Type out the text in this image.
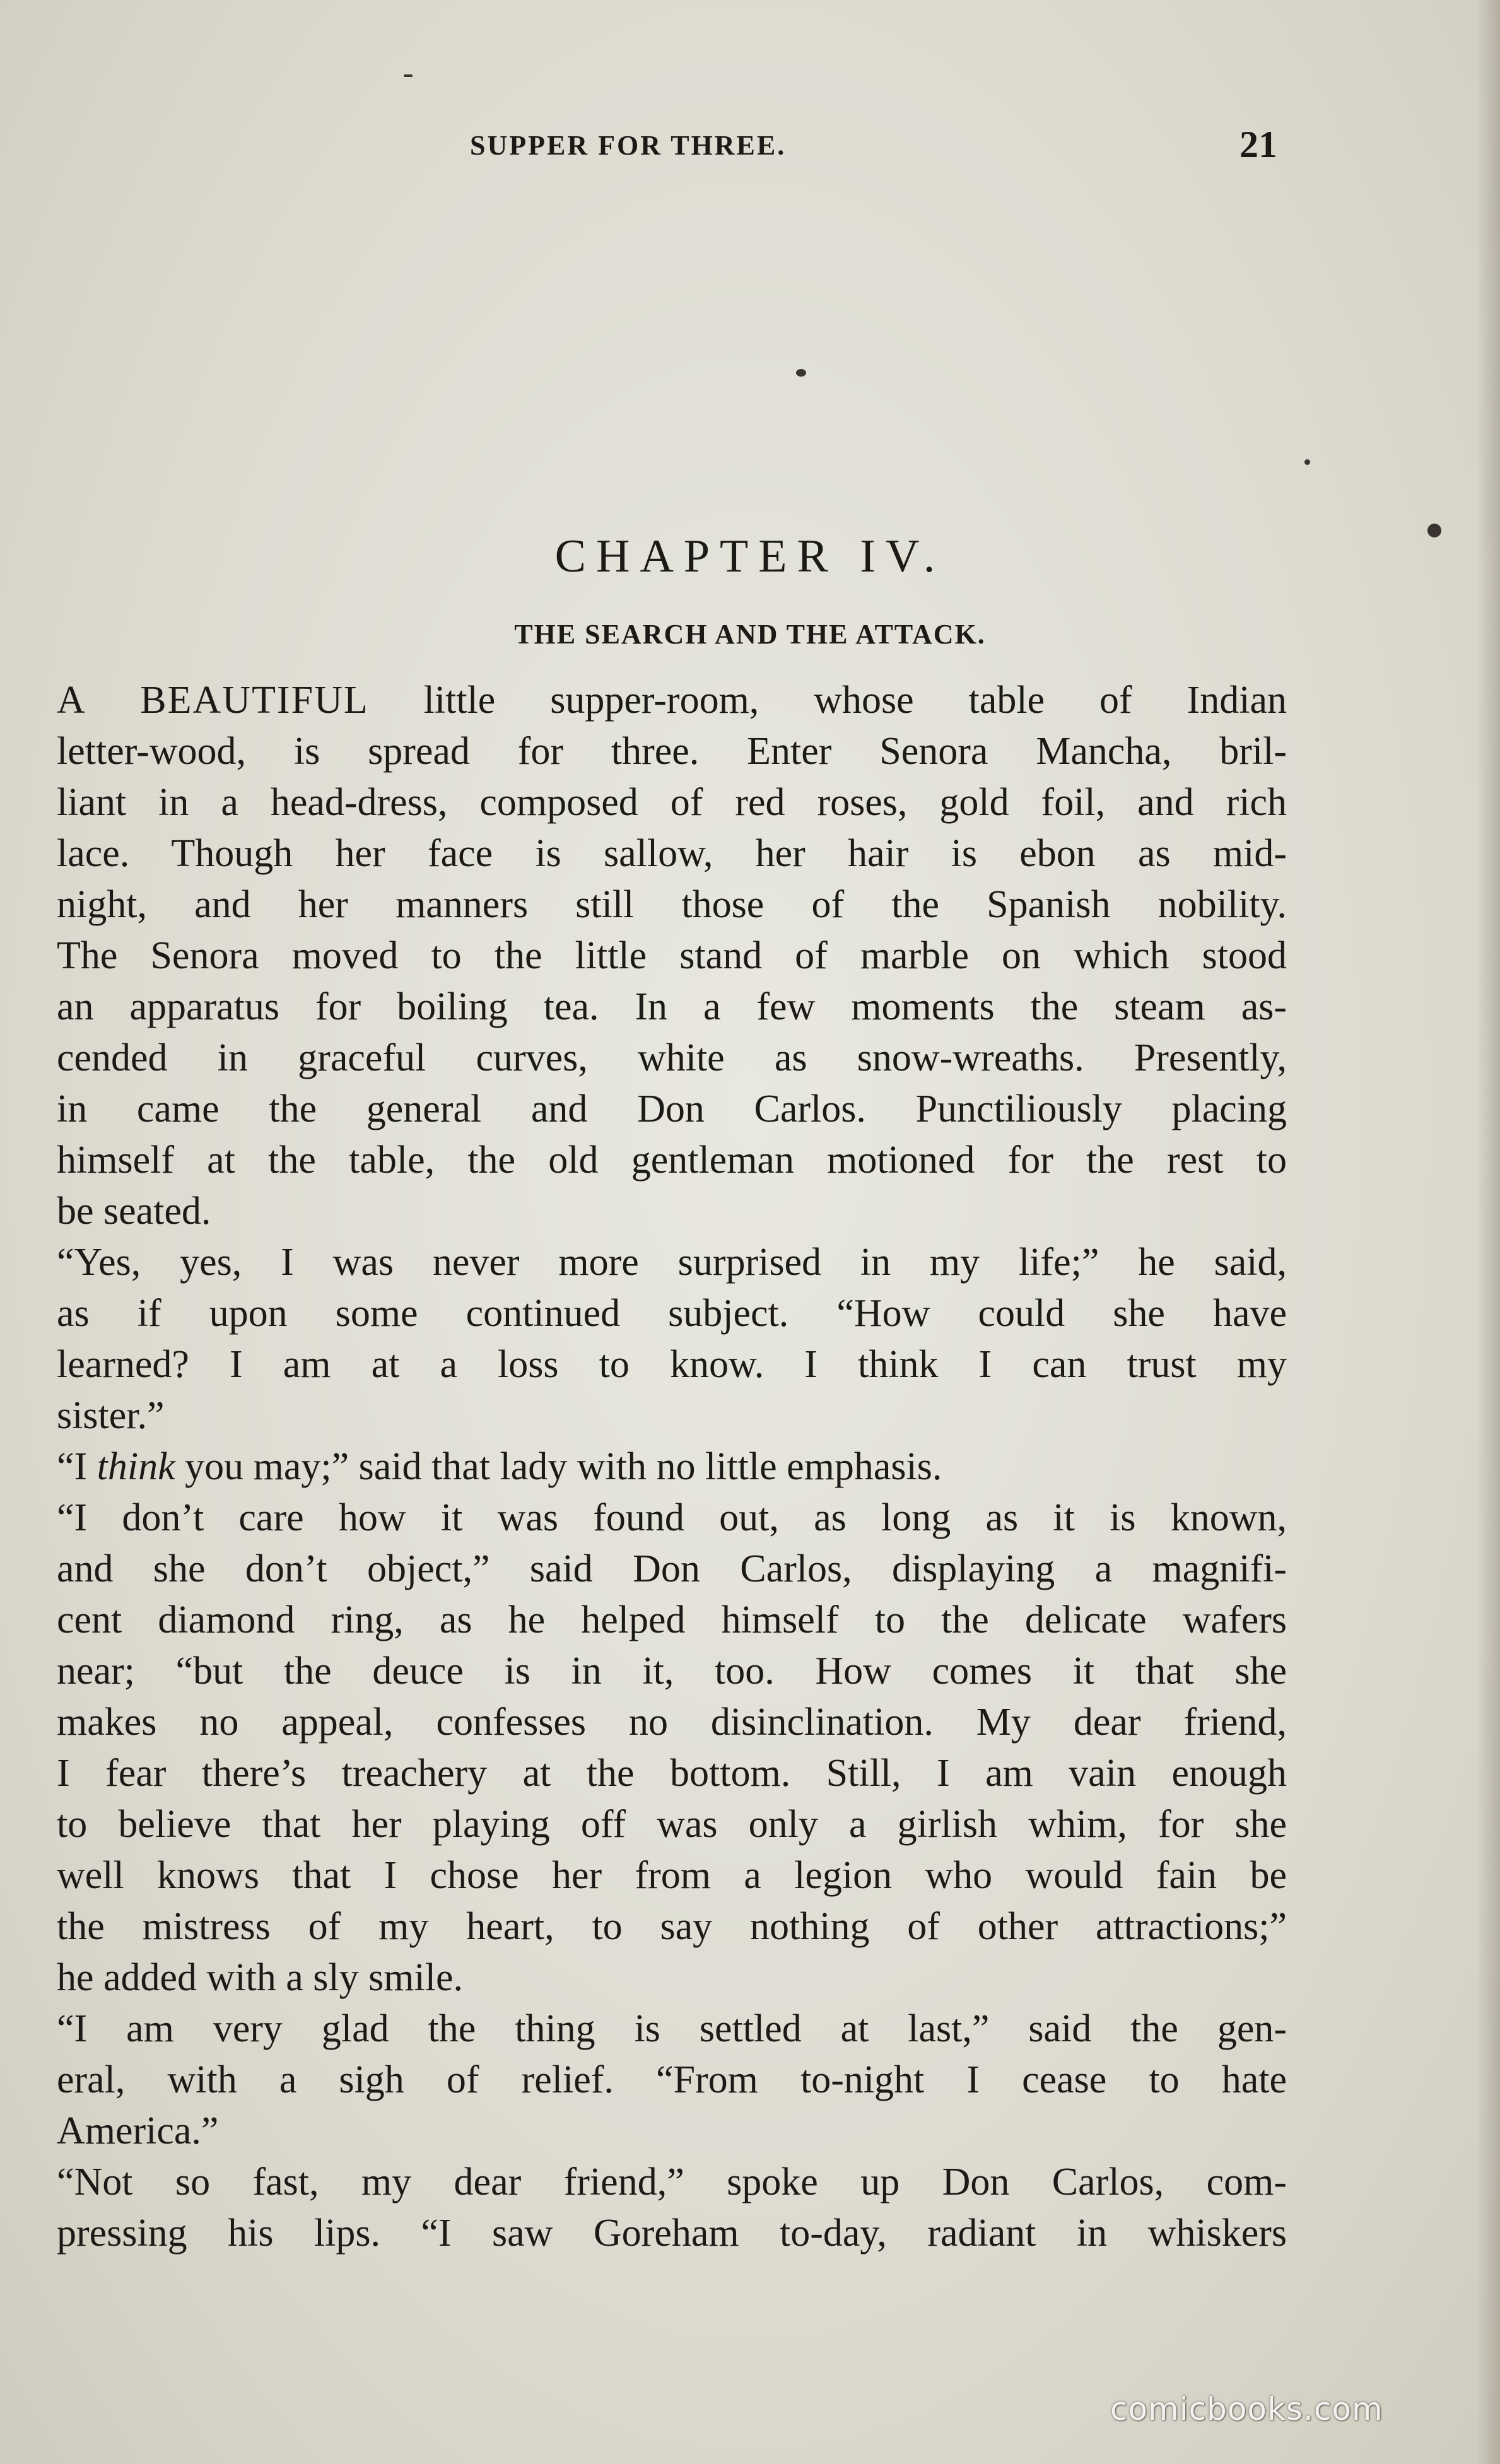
SUPPER FOR THREE.	21
CHAPTER IV.
THE SEARCH AND THE ATTACK.
A BEAUTIFUL little supper-room, whose table of Indian
letter-wood, is spread for three. Enter Senora Mancha, bril-
liant in a head-dress, composed of red roses, gold foil, and rich
lace. Though her face is sallow, her hair is ebon as mid-
night, and her manners still those of the Spanish nobility.
The Senora moved to the little stand of marble on which stood
an apparatus for boiling tea. In a few moments the steam as-
cended in graceful curves, white as snow-wreaths. Presently,
in came the general and Don Carlos. Punctiliously placing
himself at the table, the old gentleman motioned for the rest to
be seated.
“Yes, yes, I was never more surprised in my life;” he said,
as if upon some continued subject. “How could she have
learned? I am at a loss to know. I think I can trust my
sister.”
“I think you may;” said that lady with no little emphasis.
“I don’t care how it was found out, as long as it is known,
and she don’t object,” said Don Carlos, displaying a magnifi-
cent diamond ring, as he helped himself to the delicate wafers
near; “but the deuce is in it, too. How comes it that she
makes no appeal, confesses no disinclination. My dear friend,
I fear there’s treachery at the bottom. Still, I am vain enough
to believe that her playing off was only a girlish whim, for she
well knows that I chose her from a legion who would fain be
the mistress of my heart, to say nothing of other attractions;”
he added with a sly smile.
“I am very glad the thing is settled at last,” said the gen-
eral, with a sigh of relief. “From to-night I cease to hate
America.”
“Not so fast, my dear friend,” spoke up Don Carlos, com-
pressing his lips. “I saw Goreham to-day, radiant in whiskers
comicbooks.com
